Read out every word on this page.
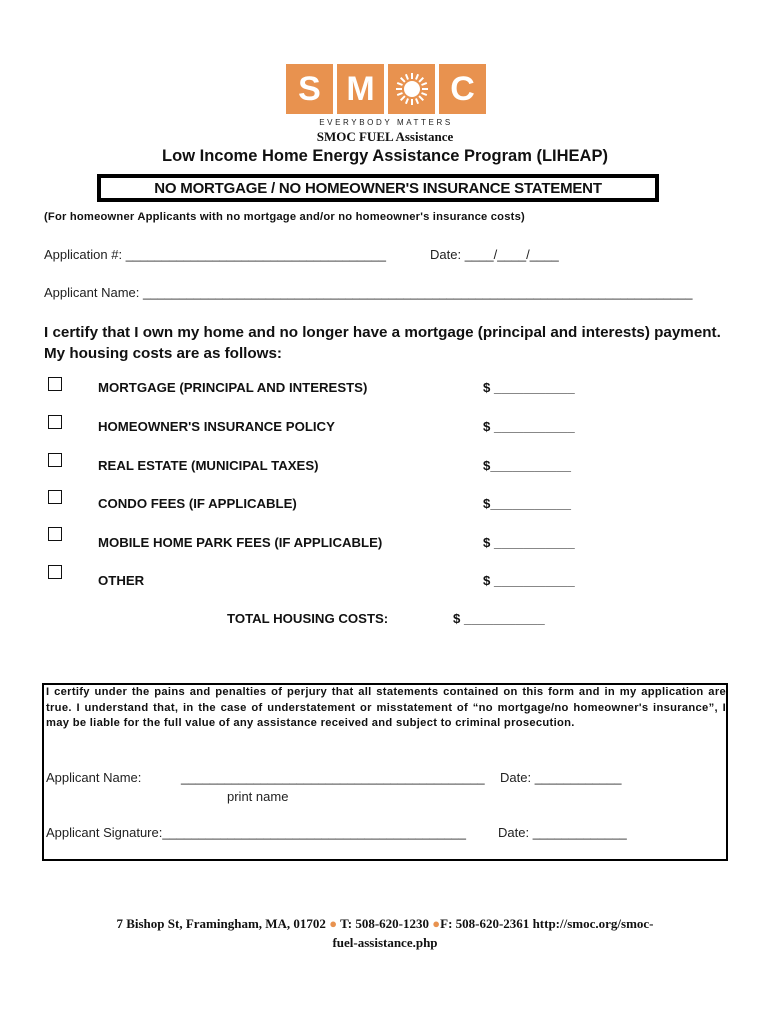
S M	C
EVERYBODY MATTERS
SMOC FUEL Assistance
Low Income Home Energy Assistance Program (LIHEAP)
NO MORTGAGE / NO HOMEOWNER'S INSURANCE STATEMENT
(For homeowner Applicants with no mortgage and/or no homeowner's insurance costs)
Application #: ____________________________________	Date: ____/____/____
Applicant Name: ____________________________________________________________________________
I certify that I own my home and no longer have a mortgage (principal and interests) payment. My housing costs are as follows:
MORTGAGE (PRINCIPAL AND INTERESTS)	$ ___________
HOMEOWNER'S INSURANCE POLICY	$ ___________
REAL ESTATE (MUNICIPAL TAXES)	$___________
CONDO FEES (IF APPLICABLE)	$___________
MOBILE HOME PARK FEES (IF APPLICABLE)	$ ___________
OTHER	$ ___________
TOTAL HOUSING COSTS:	$ ___________
I certify under the pains and penalties of perjury that all statements contained on this form and in my application are true. I understand that, in the case of understatement or misstatement of “no mortgage/no homeowner's insurance”, I may be liable for the full value of any assistance received and subject to criminal prosecution.
Applicant Name:	__________________________________________ Date: ____________
print name
Applicant Signature:__________________________________________ Date: _____________
7 Bishop St, Framingham, MA, 01702 ● T: 508-620-1230 ●F: 508-620-2361 http://smoc.org/smoc-
fuel-assistance.php
